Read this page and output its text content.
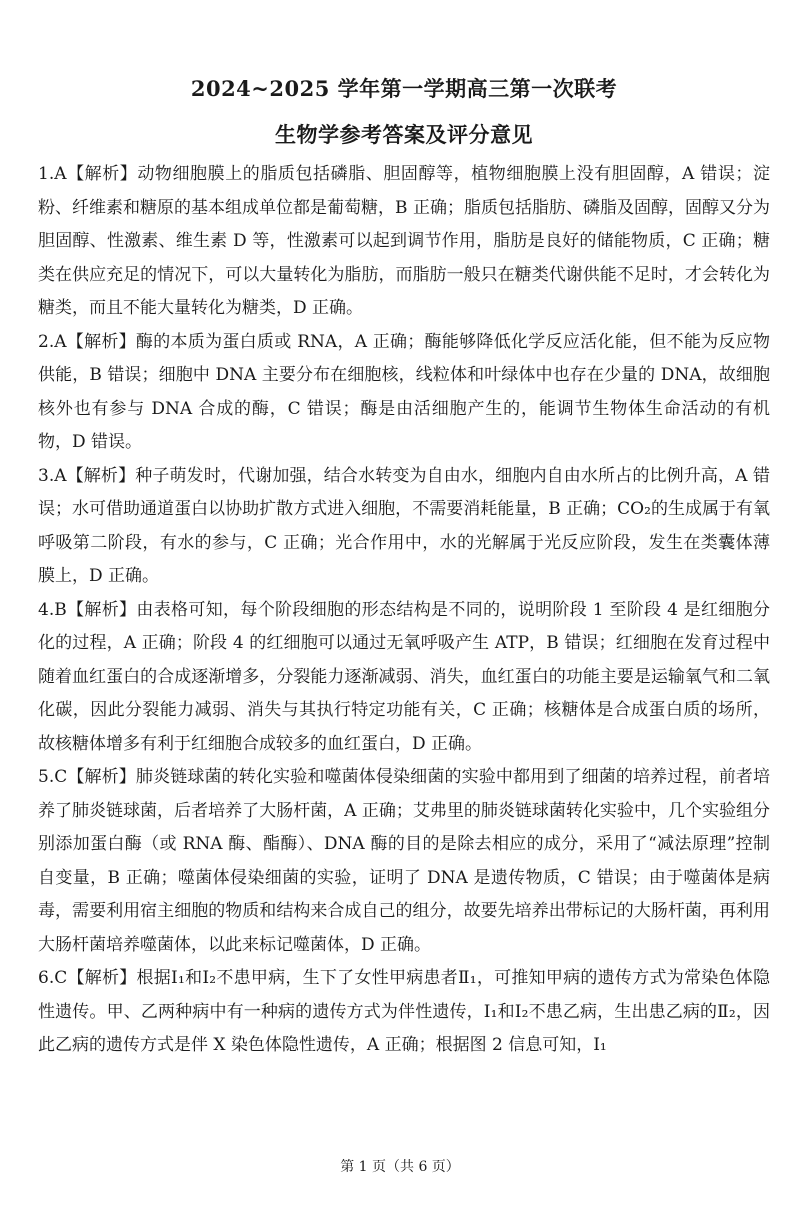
2024~2025 学年第一学期高三第一次联考
生物学参考答案及评分意见

1.A【解析】动物细胞膜上的脂质包括磷脂、胆固醇等，植物细胞膜上没有胆固醇，A 错误；淀粉、纤维素和糖原的基本组成单位都是葡萄糖，B 正确；脂质包括脂肪、磷脂及固醇，固醇又分为胆固醇、性激素、维生素 D 等，性激素可以起到调节作用，脂肪是良好的储能物质，C 正确；糖类在供应充足的情况下，可以大量转化为脂肪，而脂肪一般只在糖类代谢供能不足时，才会转化为糖类，而且不能大量转化为糖类，D 正确。

2.A【解析】酶的本质为蛋白质或 RNA，A 正确；酶能够降低化学反应活化能，但不能为反应物供能，B 错误；细胞中 DNA 主要分布在细胞核，线粒体和叶绿体中也存在少量的 DNA，故细胞核外也有参与 DNA 合成的酶，C 错误；酶是由活细胞产生的，能调节生物体生命活动的有机物，D 错误。

3.A【解析】种子萌发时，代谢加强，结合水转变为自由水，细胞内自由水所占的比例升高，A 错误；水可借助通道蛋白以协助扩散方式进入细胞，不需要消耗能量，B 正确；CO₂的生成属于有氧呼吸第二阶段，有水的参与，C 正确；光合作用中，水的光解属于光反应阶段，发生在类囊体薄膜上，D 正确。

4.B【解析】由表格可知，每个阶段细胞的形态结构是不同的，说明阶段 1 至阶段 4 是红细胞分化的过程，A 正确；阶段 4 的红细胞可以通过无氧呼吸产生 ATP，B 错误；红细胞在发育过程中随着血红蛋白的合成逐渐增多，分裂能力逐渐减弱、消失，血红蛋白的功能主要是运输氧气和二氧化碳，因此分裂能力减弱、消失与其执行特定功能有关，C 正确；核糖体是合成蛋白质的场所，故核糖体增多有利于红细胞合成较多的血红蛋白，D 正确。

5.C【解析】肺炎链球菌的转化实验和噬菌体侵染细菌的实验中都用到了细菌的培养过程，前者培养了肺炎链球菌，后者培养了大肠杆菌，A 正确；艾弗里的肺炎链球菌转化实验中，几个实验组分别添加蛋白酶（或 RNA 酶、酯酶）、DNA 酶的目的是除去相应的成分，采用了“减法原理”控制自变量，B 正确；噬菌体侵染细菌的实验，证明了 DNA 是遗传物质，C 错误；由于噬菌体是病毒，需要利用宿主细胞的物质和结构来合成自己的组分，故要先培养出带标记的大肠杆菌，再利用大肠杆菌培养噬菌体，以此来标记噬菌体，D 正确。

6.C【解析】根据Ⅰ₁和Ⅰ₂不患甲病，生下了女性甲病患者Ⅱ₁，可推知甲病的遗传方式为常染色体隐性遗传。甲、乙两种病中有一种病的遗传方式为伴性遗传，Ⅰ₁和Ⅰ₂不患乙病，生出患乙病的Ⅱ₂，因此乙病的遗传方式是伴 X 染色体隐性遗传，A 正确；根据图 2 信息可知，Ⅰ₁

第 1 页（共 6 页）
